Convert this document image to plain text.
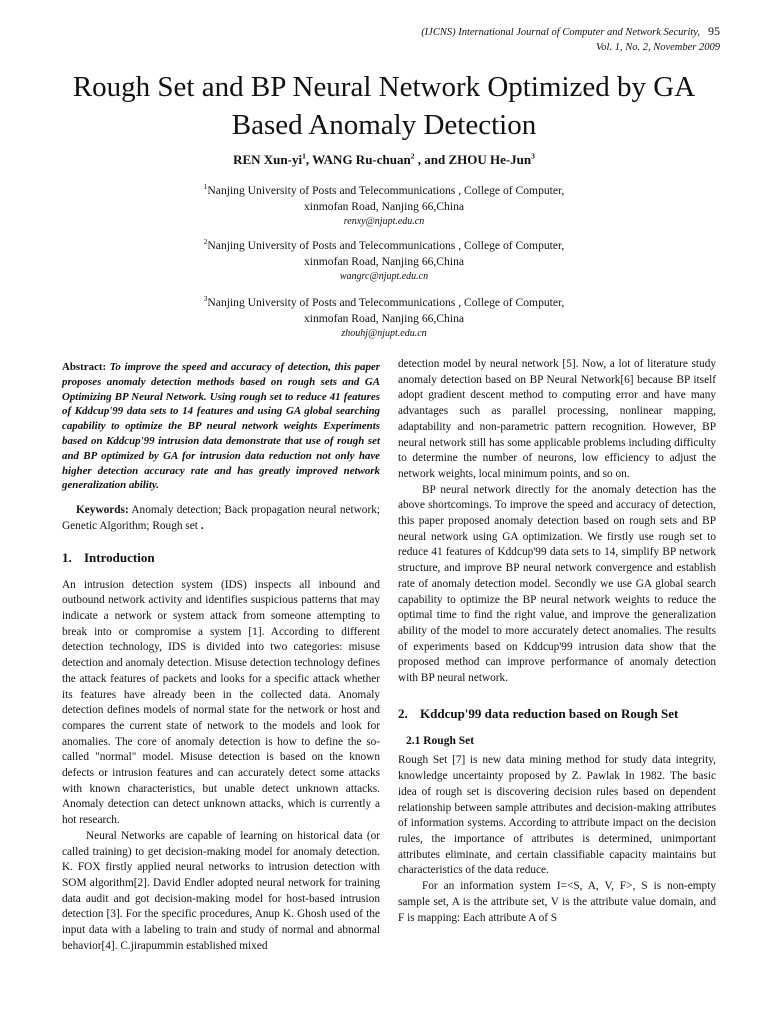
(IJCNS) International Journal of Computer and Network Security, 95
Vol. 1, No. 2, November 2009
Rough Set and BP Neural Network Optimized by GA Based Anomaly Detection
REN Xun-$yi^1$, WANG Ru-chuan$^2$ , and ZHOU He-Jun$^3$
$^1$Nanjing University of Posts and Telecommunications , College of Computer,
xinmofan Road, Nanjing 66,China
renxy@njupt.edu.cn
$^2$Nanjing University of Posts and Telecommunications , College of Computer,
xinmofan Road, Nanjing 66,China
wangrc@njupt.edu.cn
$^3$Nanjing University of Posts and Telecommunications , College of Computer,
xinmofan Road, Nanjing 66,China
zhouhj@njupt.edu.cn

Abstract: To improve the speed and accuracy of detection, this paper proposes anomaly detection methods based on rough sets and GA Optimizing BP Neural Network. Using rough set to reduce 41 features of Kddcup'99 data sets to 14 features and using GA global searching capability to optimize the BP neural network weights Experiments based on Kddcup'99 intrusion data demonstrate that use of rough set and BP optimized by GA for intrusion data reduction not only have higher detection accuracy rate and has greatly improved network generalization ability.

Keywords: Anomaly detection; Back propagation neural network; Genetic Algorithm; Rough set .

1. Introduction

An intrusion detection system (IDS) inspects all inbound and outbound network activity and identifies suspicious patterns that may indicate a network or system attack from someone attempting to break into or compromise a system [1]. According to different detection technology, IDS is divided into two categories: misuse detection and anomaly detection. Misuse detection technology defines the attack features of packets and looks for a specific attack whether its features have already been in the collected data. Anomaly detection defines models of normal state for the network or host and compares the current state of network to the models and look for anomalies. The core of anomaly detection is how to define the so-called "normal" model. Misuse detection is based on the known defects or intrusion features and can accurately detect some attacks with known characteristics, but unable detect unknown attacks. Anomaly detection can detect unknown attacks, which is currently a hot research.

Neural Networks are capable of learning on historical data (or called training) to get decision-making model for anomaly detection. K. FOX firstly applied neural networks to intrusion detection with SOM algorithm[2]. David Endler adopted neural network for training data audit and got decision-making model for host-based intrusion detection [3]. For the specific procedures, Anup K. Ghosh used of the input data with a labeling to train and study of normal and abnormal behavior[4]. C.jirapummin established mixed

detection model by neural network [5]. Now, a lot of literature study anomaly detection based on BP Neural Network[6] because BP itself adopt gradient descent method to computing error and have many advantages such as parallel processing, nonlinear mapping, adaptability and non-parametric pattern recognition. However, BP neural network still has some applicable problems including difficulty to determine the number of neurons, low efficiency to adjust the network weights, local minimum points, and so on.

BP neural network directly for the anomaly detection has the above shortcomings. To improve the speed and accuracy of detection, this paper proposed anomaly detection based on rough sets and BP neural network using GA optimization. We firstly use rough set to reduce 41 features of Kddcup'99 data sets to 14, simplify BP network structure, and improve BP neural network convergence and establish rate of anomaly detection model. Secondly we use GA global search capability to optimize the BP neural network weights to reduce the optimal time to find the right value, and improve the generalization ability of the model to more accurately detect anomalies. The results of experiments based on Kddcup'99 intrusion data show that the proposed method can improve performance of anomaly detection with BP neural network.

2. Kddcup'99 data reduction based on Rough Set
2.1 Rough Set

Rough Set [7] is new data mining method for study data integrity, knowledge uncertainty proposed by Z. Pawlak In 1982. The basic idea of rough set is discovering decision rules based on dependent relationship between sample attributes and decision-making attributes of information systems. According to attribute impact on the decision rules, the importance of attributes is determined, unimportant attributes eliminate, and certain classifiable capacity maintains but characteristics of the data reduce.

For an information system I=<S, A, V, F>, S is non-empty sample set, A is the attribute set, V is the attribute value domain, and F is mapping: Each attribute A of S
